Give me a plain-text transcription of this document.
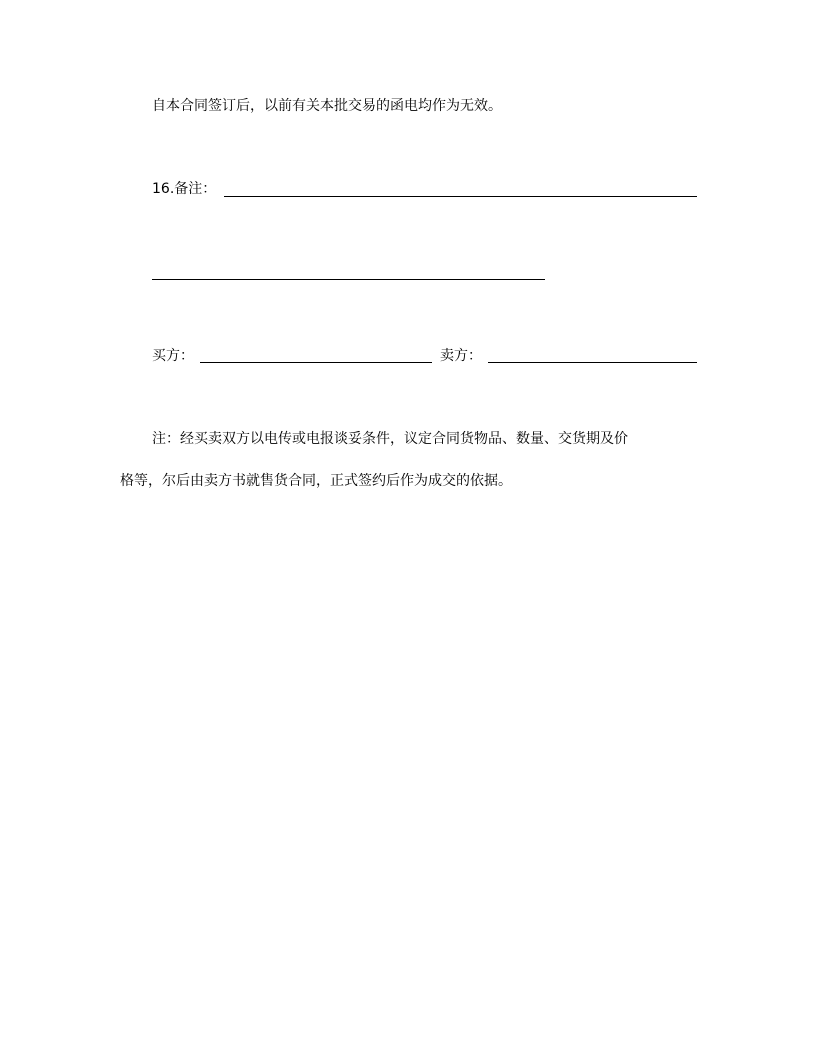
自本合同签订后，以前有关本批交易的函电均作为无效。
16.备注：
买方：	卖方：
注：经买卖双方以电传或电报谈妥条件，议定合同货物品、数量、交货期及价
格等，尔后由卖方书就售货合同，正式签约后作为成交的依据。
